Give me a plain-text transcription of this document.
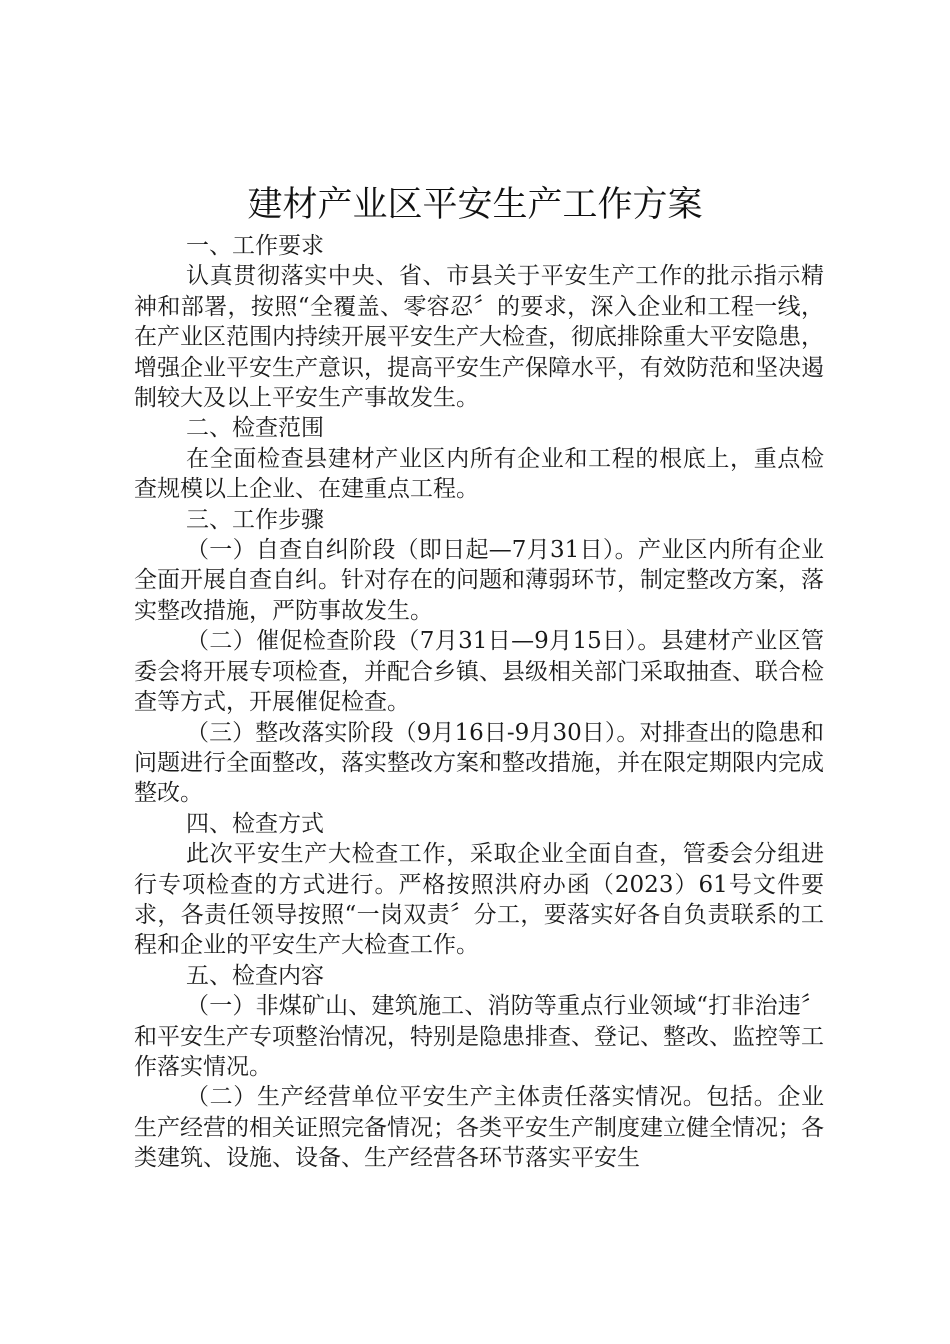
建材产业区平安生产工作方案

一、工作要求

认真贯彻落实中央、省、市县关于平安生产工作的批示指示精神和部署，按照“全覆盖、零容忍〞的要求，深入企业和工程一线，在产业区范围内持续开展平安生产大检查，彻底排除重大平安隐患，增强企业平安生产意识，提高平安生产保障水平，有效防范和坚决遏制较大及以上平安生产事故发生。

二、检查范围

在全面检查县建材产业区内所有企业和工程的根底上，重点检查规模以上企业、在建重点工程。

三、工作步骤

（一）自查自纠阶段（即日起—7月31日）。产业区内所有企业全面开展自查自纠。针对存在的问题和薄弱环节，制定整改方案，落实整改措施，严防事故发生。

（二）催促检查阶段（7月31日—9月15日）。县建材产业区管委会将开展专项检查，并配合乡镇、县级相关部门采取抽查、联合检查等方式，开展催促检查。

（三）整改落实阶段（9月16日-9月30日）。对排查出的隐患和问题进行全面整改，落实整改方案和整改措施，并在限定期限内完成整改。

四、检查方式

此次平安生产大检查工作，采取企业全面自查，管委会分组进行专项检查的方式进行。严格按照洪府办函（2023）61号文件要求，各责任领导按照“一岗双责〞分工，要落实好各自负责联系的工程和企业的平安生产大检查工作。

五、检查内容

（一）非煤矿山、建筑施工、消防等重点行业领域“打非治违〞和平安生产专项整治情况，特别是隐患排查、登记、整改、监控等工作落实情况。

（二）生产经营单位平安生产主体责任落实情况。包括。企业生产经营的相关证照完备情况；各类平安生产制度建立健全情况；各类建筑、设施、设备、生产经营各环节落实平安生
